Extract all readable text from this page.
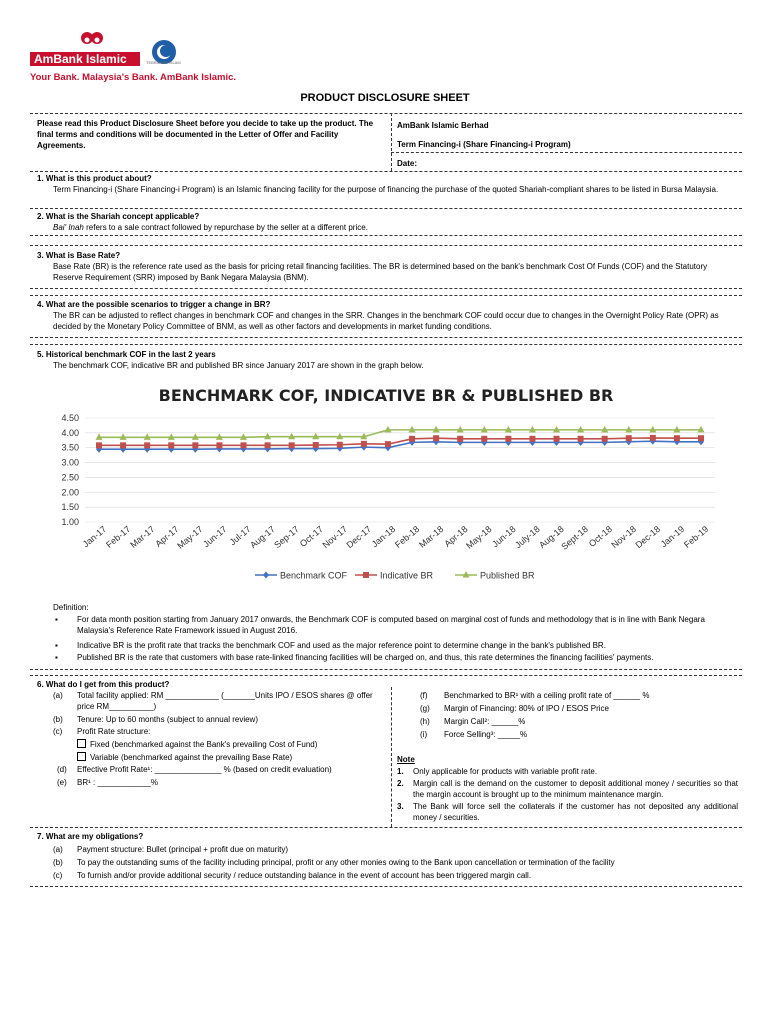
AmBank Islamic
Your Bank. Malaysia's Bank. AmBank Islamic.
TEBRAKAN ISLAM
PRODUCT DISCLOSURE SHEET
Please read this Product Disclosure Sheet before you decide to take up the product. The final terms and conditions will be documented in the Letter of Offer and Facility Agreements.
AmBank Islamic Berhad
Term Financing-i (Share Financing-i Program)
Date:
1. What is this product about?
Term Financing-i (Share Financing-i Program) is an Islamic financing facility for the purpose of financing the purchase of the quoted Shariah-compliant shares to be listed in Bursa Malaysia.
2. What is the Shariah concept applicable?
Bai' Inah refers to a sale contract followed by repurchase by the seller at a different price.
3. What is Base Rate?
Base Rate (BR) is the reference rate used as the basis for pricing retail financing facilities. The BR is determined based on the bank's benchmark Cost Of Funds (COF) and the Statutory Reserve Requirement (SRR) imposed by Bank Negara Malaysia (BNM).
4. What are the possible scenarios to trigger a change in BR?
The BR can be adjusted to reflect changes in benchmark COF and changes in the SRR. Changes in the benchmark COF could occur due to changes in the Overnight Policy Rate (OPR) as decided by the Monetary Policy Committee of BNM, as well as other factors and developments in market funding conditions.
5. Historical benchmark COF in the last 2 years
The benchmark COF, indicative BR and published BR since January 2017 are shown in the graph below.
BENCHMARK COF, INDICATIVE BR & PUBLISHED BR
4.50
4.00
3.50
3.00
2.50
2.00
1.50
1.00
Jan-17
Feb-17
Mar-17
Apr-17
May-17
Jun-17
Jul-17
Aug-17
Sep-17
Oct-17
Nov-17
Dec-17
Jan-18
Feb-18
Mar-18
Apr-18
May-18
Jun-18
July-18
Aug-18
Sept-18
Oct-18
Nov-18
Dec-18
Jan-19
Feb-19
Benchmark COF	Indicative BR	Published BR
Definition:
▪ For data month position starting from January 2017 onwards, the Benchmark COF is computed based on marginal cost of funds and methodology that is in line with Bank Negara Malaysia's Reference Rate Framework issued in August 2016.
▪ Indicative BR is the profit rate that tracks the benchmark COF and used as the major reference point to determine change in the bank's published BR.
▪ Published BR is the rate that customers with base rate-linked financing facilities will be charged on, and thus, this rate determines the financing facilities' payments.
6. What do I get from this product?
(a) Total facility applied: RM ____________ (_______Units IPO / ESOS shares @ offer price RM__________)
(b) Tenure: Up to 60 months (subject to annual review)
(c) Profit Rate structure:
Fixed (benchmarked against the Bank's prevailing Cost of Fund)
Variable (benchmarked against the prevailing Base Rate)
(d) Effective Profit Rate¹: _______________ % (based on credit evaluation)
(e) BR¹ : ____________%
(f) Benchmarked to BR¹ with a ceiling profit rate of ______ %
(g) Margin of Financing: 80% of IPO / ESOS Price
(h) Margin Call²: ______%
(i) Force Selling³: _____%
Note
1. Only applicable for products with variable profit rate.
2. Margin call is the demand on the customer to deposit additional money / securities so that the margin account is brought up to the minimum maintenance margin.
3. The Bank will force sell the collaterals if the customer has not deposited any additional money / securities.
7. What are my obligations?
(a) Payment structure: Bullet (principal + profit due on maturity)
(b) To pay the outstanding sums of the facility including principal, profit or any other monies owing to the Bank upon cancellation or termination of the facility
(c) To furnish and/or provide additional security / reduce outstanding balance in the event of account has been triggered margin call.
